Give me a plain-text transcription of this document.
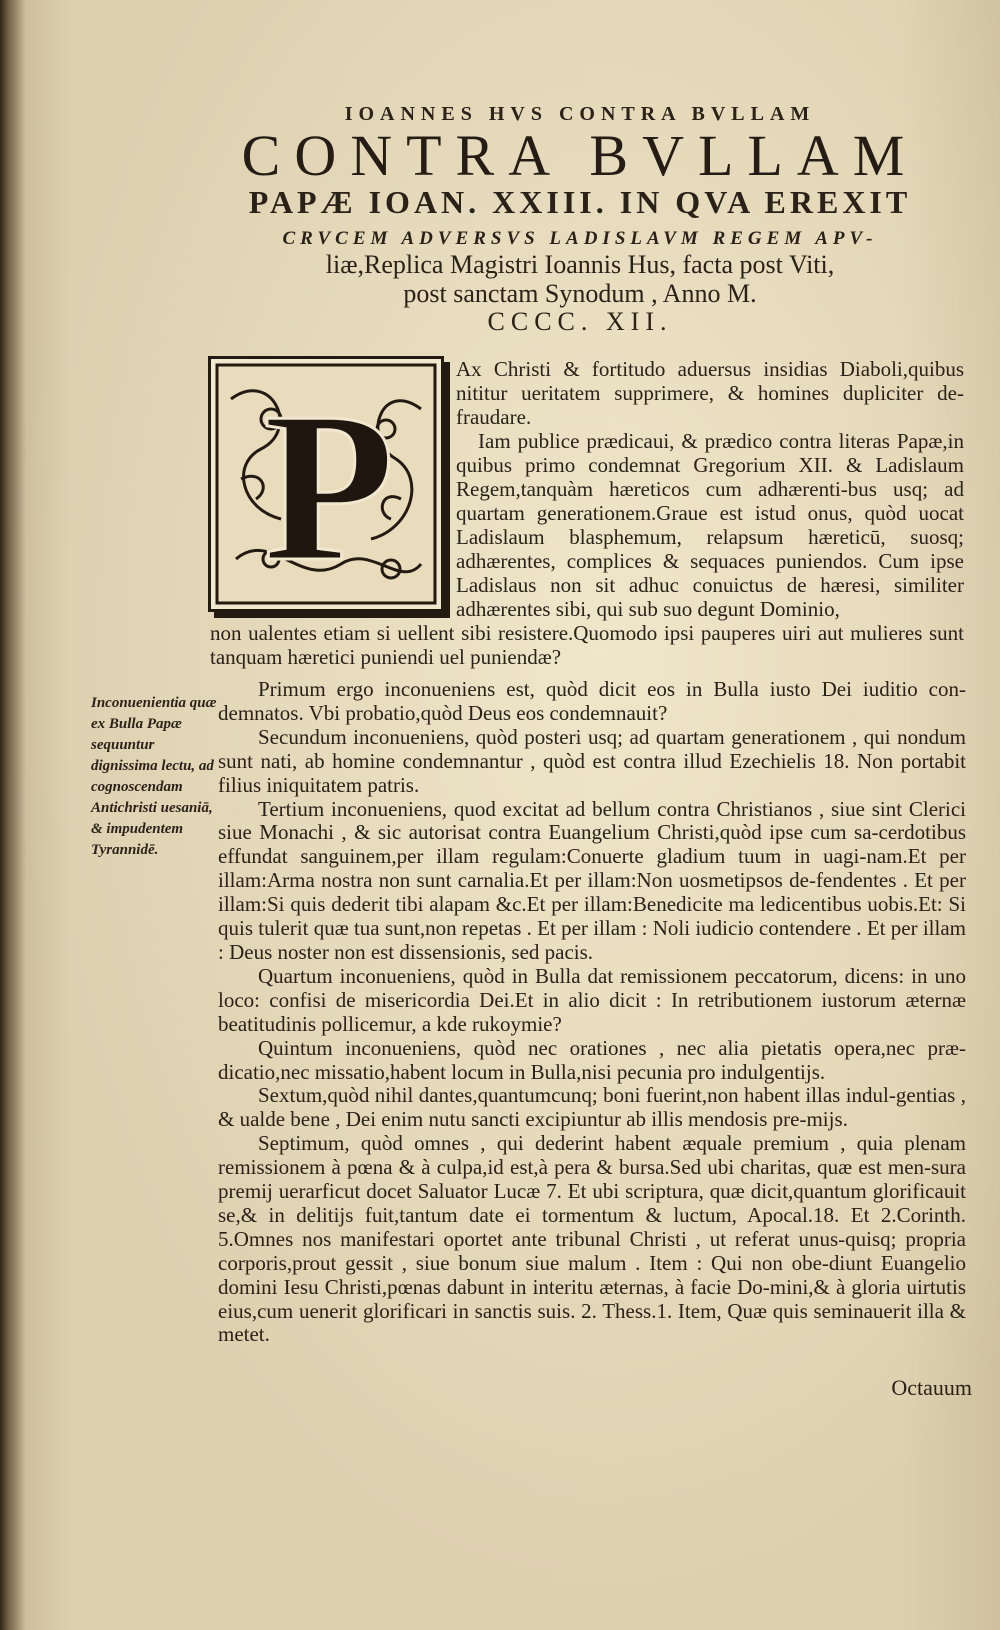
IOANNES HVS CONTRA BVLLAM
CONTRA BVLLAM
PAPÆ IOAN. XXIII. IN QVA EREXIT
CRVCEM ADVERSVS LADISLAVM REGEM APV-
liæ,Replica Magistri Ioannis Hus, facta post Viti,
post sanctam Synodum , Anno M.
CCCC. XII.
P	Ax Christi & fortitudo aduersus insidias Diaboli,quibus nititur ueritatem supprimere, & homines dupliciter de-fraudare.

Iam publice prædicaui, & prædico contra literas Papæ,in quibus primo condemnat Gregorium XII. & Ladislaum Regem,tanquàm hæreticos cum adhærenti-bus usq; ad quartam generationem.Graue est istud onus, quòd uocat Ladislaum blasphemum, relapsum hæreticū, suosq; adhærentes, complices & sequaces puniendos. Cum ipse Ladislaus non sit adhuc conuictus de hæresi, similiter adhærentes sibi, qui sub suo degunt Dominio,

non ualentes etiam si uellent sibi resistere.Quomodo ipsi pauperes uiri aut mulieres sunt tanquam hæretici puniendi uel puniendæ?
Inconuenientia quæ ex Bulla Papæ sequuntur dignissima lectu, ad cognoscendam Antichristi uesaniā, & impudentem Tyrannidē.

Primum ergo inconueniens est, quòd dicit eos in Bulla iusto Dei iuditio con-demnatos. Vbi probatio,quòd Deus eos condemnauit?

Secundum inconueniens, quòd posteri usq; ad quartam generationem , qui nondum sunt nati, ab homine condemnantur , quòd est contra illud Ezechielis 18. Non portabit filius iniquitatem patris.

Tertium inconueniens, quod excitat ad bellum contra Christianos , siue sint Clerici siue Monachi , & sic autorisat contra Euangelium Christi,quòd ipse cum sa-cerdotibus effundat sanguinem,per illam regulam:Conuerte gladium tuum in uagi-nam.Et per illam:Arma nostra non sunt carnalia.Et per illam:Non uosmetipsos de-fendentes . Et per illam:Si quis dederit tibi alapam &c.Et per illam:Benedicite ma ledicentibus uobis.Et: Si quis tulerit quæ tua sunt,non repetas . Et per illam : Noli iudicio contendere . Et per illam : Deus noster non est dissensionis, sed pacis.

Quartum inconueniens, quòd in Bulla dat remissionem peccatorum, dicens: in uno loco: confisi de misericordia Dei.Et in alio dicit : In retributionem iustorum æternæ beatitudinis pollicemur, a kde rukoymie?

Quintum inconueniens, quòd nec orationes , nec alia pietatis opera,nec præ-dicatio,nec missatio,habent locum in Bulla,nisi pecunia pro indulgentijs.

Sextum,quòd nihil dantes,quantumcunq; boni fuerint,non habent illas indul-gentias , & ualde bene , Dei enim nutu sancti excipiuntur ab illis mendosis pre-mijs.

Septimum, quòd omnes , qui dederint habent æquale premium , quia plenam remissionem à pœna & à culpa,id est,à pera & bursa.Sed ubi charitas, quæ est men-sura premij uerarficut docet Saluator Lucæ 7. Et ubi scriptura, quæ dicit,quantum glorificauit se,& in delitijs fuit,tantum date ei tormentum & luctum, Apocal.18. Et 2.Corinth. 5.Omnes nos manifestari oportet ante tribunal Christi , ut referat unus-quisq; propria corporis,prout gessit , siue bonum siue malum . Item : Qui non obe-diunt Euangelio domini Iesu Christi,pœnas dabunt in interitu æternas, à facie Do-mini,& à gloria uirtutis eius,cum uenerit glorificari in sanctis suis. 2. Thess.1. Item, Quæ quis seminauerit illa & metet.

Octauum
